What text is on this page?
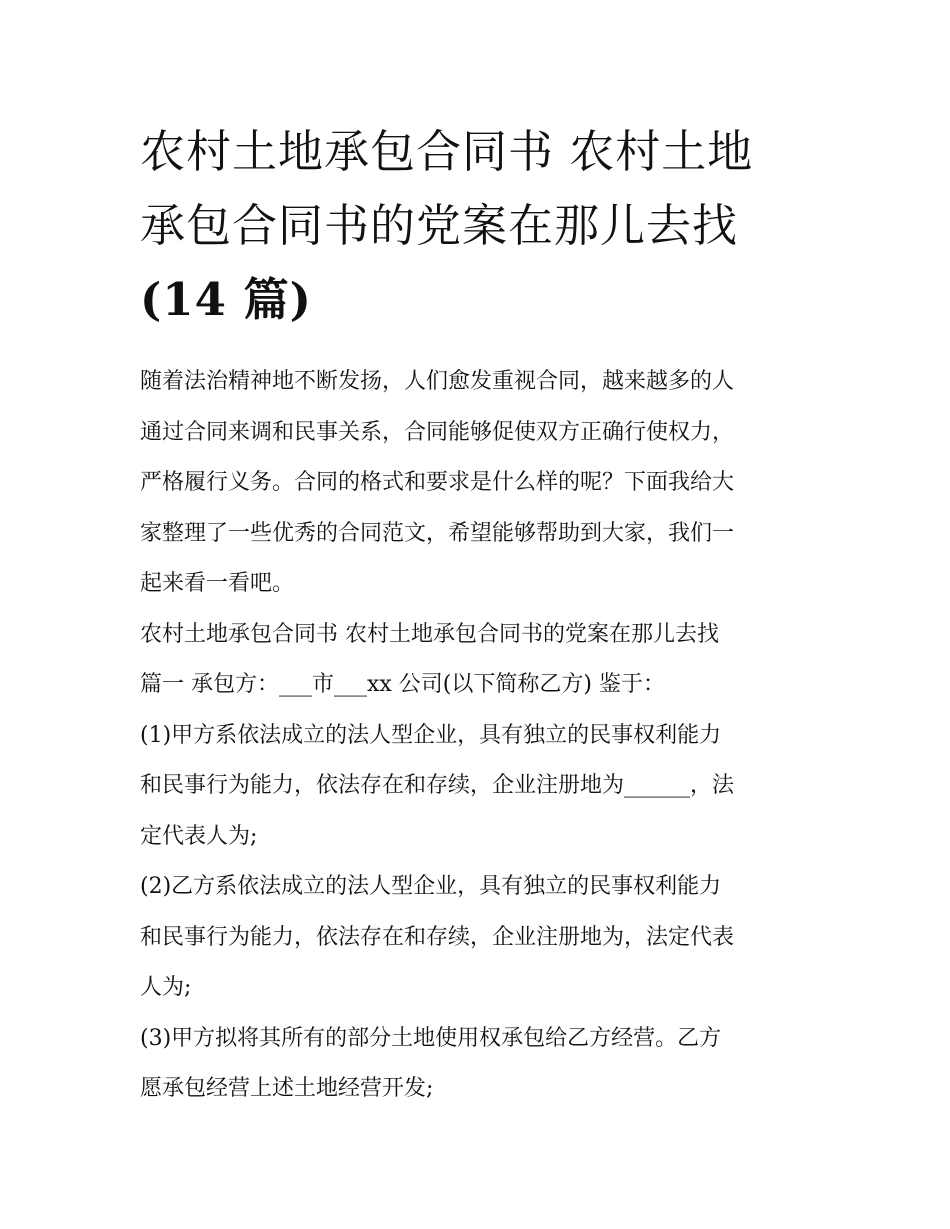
农村土地承包合同书 农村土地
承包合同书的党案在那儿去找
(14 篇)

随着法治精神地不断发扬，人们愈发重视合同，越来越多的人
通过合同来调和民事关系，合同能够促使双方正确行使权力，
严格履行义务。合同的格式和要求是什么样的呢？下面我给大
家整理了一些优秀的合同范文，希望能够帮助到大家，我们一
起来看一看吧。

农村土地承包合同书 农村土地承包合同书的党案在那儿去找

篇一 承包方：___市___xx 公司(以下简称乙方) 鉴于：

(1)甲方系依法成立的法人型企业，具有独立的民事权利能力
和民事行为能力，依法存在和存续，企业注册地为______，法
定代表人为;

(2)乙方系依法成立的法人型企业，具有独立的民事权利能力
和民事行为能力，依法存在和存续，企业注册地为，法定代表
人为;

(3)甲方拟将其所有的部分土地使用权承包给乙方经营。乙方
愿承包经营上述土地经营开发;
